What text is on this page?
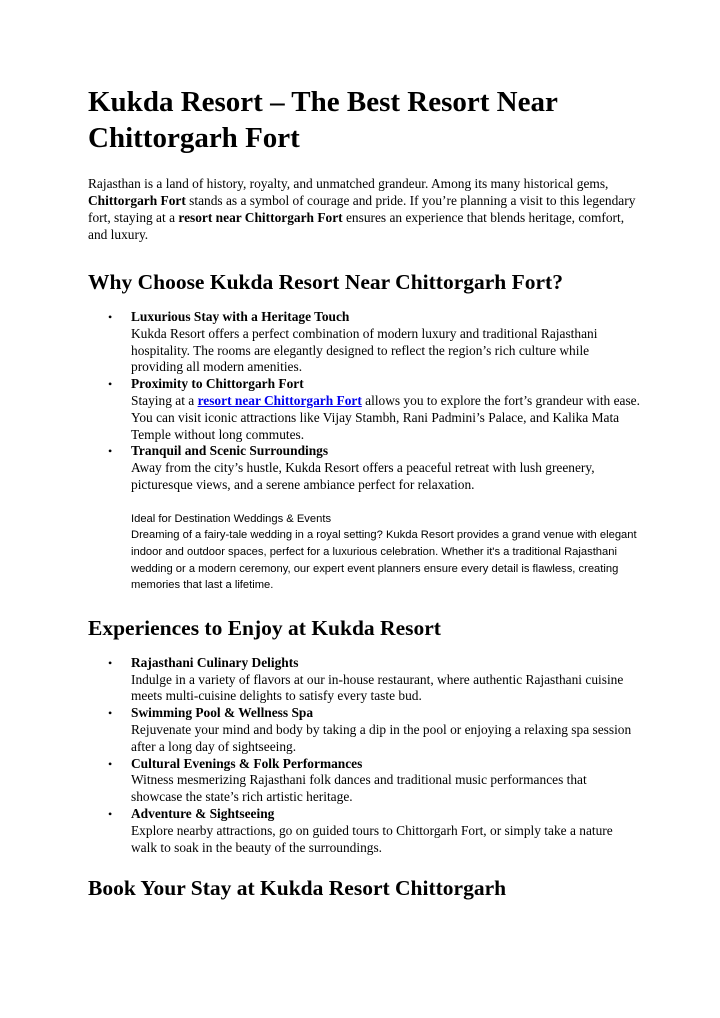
Kukda Resort – The Best Resort Near Chittorgarh Fort

Rajasthan is a land of history, royalty, and unmatched grandeur. Among its many historical gems, Chittorgarh Fort stands as a symbol of courage and pride. If you’re planning a visit to this legendary fort, staying at a resort near Chittorgarh Fort ensures an experience that blends heritage, comfort, and luxury.

Why Choose Kukda Resort Near Chittorgarh Fort?
• Luxurious Stay with a Heritage Touch
Kukda Resort offers a perfect combination of modern luxury and traditional Rajasthani hospitality. The rooms are elegantly designed to reflect the region’s rich culture while providing all modern amenities.
• Proximity to Chittorgarh Fort
Staying at a resort near Chittorgarh Fort allows you to explore the fort’s grandeur with ease. You can visit iconic attractions like Vijay Stambh, Rani Padmini’s Palace, and Kalika Mata Temple without long commutes.
• Tranquil and Scenic Surroundings
Away from the city’s hustle, Kukda Resort offers a peaceful retreat with lush greenery, picturesque views, and a serene ambiance perfect for relaxation.
Ideal for Destination Weddings & Events
Dreaming of a fairy-tale wedding in a royal setting? Kukda Resort provides a grand venue with elegant indoor and outdoor spaces, perfect for a luxurious celebration. Whether it's a traditional Rajasthani wedding or a modern ceremony, our expert event planners ensure every detail is flawless, creating memories that last a lifetime.
Experiences to Enjoy at Kukda Resort
• Rajasthani Culinary Delights
Indulge in a variety of flavors at our in-house restaurant, where authentic Rajasthani cuisine meets multi-cuisine delights to satisfy every taste bud.
• Swimming Pool & Wellness Spa
Rejuvenate your mind and body by taking a dip in the pool or enjoying a relaxing spa session after a long day of sightseeing.
• Cultural Evenings & Folk Performances
Witness mesmerizing Rajasthani folk dances and traditional music performances that showcase the state’s rich artistic heritage.
• Adventure & Sightseeing
Explore nearby attractions, go on guided tours to Chittorgarh Fort, or simply take a nature walk to soak in the beauty of the surroundings.
Book Your Stay at Kukda Resort Chittorgarh
